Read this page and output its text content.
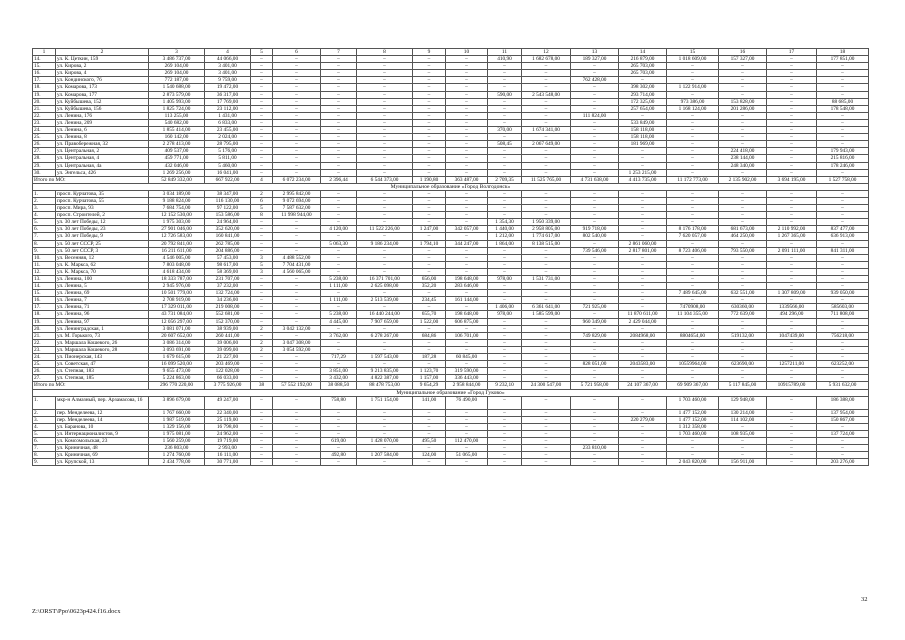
1	2	3	4	5	6	7	8	9	10	11	12	13	14	15	16	17	18
14.	ул. К. Цеткин, 159	3 486 737,00	44 066,00	–	–	–	–	–	–	410,90	1 682 678,00	189 327,00	216 879,00	1 018 609,00	157 327,00	–	177 851,00
15.	ул. Кирова, 2	269 104,00	3 401,00	–	–	–	–	–	–	–	–	–	265 703,00	–	–	–	–
16.	ул. Кирова, 4	269 104,00	3 401,00	–	–	–	–	–	–	–	–	–	265 703,00	–	–	–	–
17.	ул. Кондинского, 76	772 187,00	9 759,00	–	–	–	–	–	–	–	–	762 428,00	–	–	–	–	–
18.	ул. Комарова, 173	1 540 688,00	19 472,00	–	–	–	–	–	–	–	–	–	398 302,00	1 122 914,00	–	–	–
19.	ул. Комарова, 177	2 873 579,00	36 317,00	–	–	–	–	–	–	590,00	2 543 548,00	–	293 714,00	–	–	–	–
20.	ул. Куйбышева, 152	1 405 993,00	17 769,00	–	–	–	–	–	–	–	–	–	172 325,00	973 386,00	153 828,00	–	88 685,00
21.	ул. Куйбышева, 156	1 825 724,00	23 112,00	–	–	–	–	–	–	–	–	–	257 654,00	1 168 124,00	201 286,00	–	178 548,00
22.	ул. Ленина, 176	113 255,00	1 431,00	–	–	–	–	–	–	–	–	111 824,00	–	–	–	–	–
23.	ул. Ленина, 209	540 682,00	6 833,00	–	–	–	–	–	–	–	–	–	533 849,00	–	–	–	–
24.	ул. Ленина, 6	1 855 414,00	23 455,00	–	–	–	–	–	–	370,00	1 674 341,00	–	158 118,00	–	–	–	–
25.	ул. Ленина, 8	160 142,00	2 024,00	–	–	–	–	–	–	–	–	–	158 118,00	–	–	–	–
26.	ул. Правобережная, 32	2 278 413,00	28 795,00	–	–	–	–	–	–	508,45	2 067 649,00	–	181 969,00	–	–	–	–
27.	ул. Центральная, 2	409 537,00	5 176,00	–	–	–	–	–	–	–	–	–	–	–	224 418,00	–	179 943,00
28.	ул. Центральная, 4	459 771,00	5 811,00	–	–	–	–	–	–	–	–	–	–	–	238 144,00	–	215 816,00
29.	ул. Центральная, 4а	432 046,00	5 460,00	–	–	–	–	–	–	–	–	–	–	–	248 340,00	–	178 246,00
30.	ул. Энгельса, 426	1 269 256,00	16 041,00	–	–	–	–	–	–	–	–	–	1 253 215,00	–	–	–	–
Итого по МО:		52 849 332,00	667 922,00	4	6 072 234,00	2 396,44	6 544 373,00	1 190,80	363 487,00	2 709,35	11 525 765,00	4 731 638,00	4 413 735,00	11 172 773,00	2 135 902,00	3 694 195,00	1 527 758,00
Муниципальное образование «Город Волгодонск»																	
1.	просп. Курчатова, 35	3 034 189,00	38 347,00	2	2 995 842,00	–	–	–	–	–	–	–	–	–	–	–	–
2.	просп. Курчатова, 55	9 188 824,00	116 130,00	6	9 072 694,00	–	–	–	–	–	–	–	–	–	–	–	–
3.	просп. Мира, 93	7 684 754,00	97 122,00	5	7 587 632,00	–	–	–	–	–	–	–	–	–	–	–	–
4.	просп. Строителей, 2	12 152 530,00	153 586,00	8	11 998 944,00	–	–	–	–	–	–	–	–	–	–	–	–
5.	ул. 30 лет Победы, 12	1 975 303,00	24 964,00	–	–	–	–	–	–	1 354,30	1 950 339,00	–	–	–	–	–	–
6.	ул. 30 лет Победы, 23	27 901 046,00	352 620,00	–	–	4 120,00	11 522 226,00	1 247,00	342 057,00	1 440,00	2 958 805,00	919 718,00	–	8 176 178,00	681 673,00	2 110 992,00	837 477,00
7.	ул. 30 лет Победы, 9	12 726 583,00	160 841,00	–	–	–	–	–	–	1 212,00	1 774 617,00	802 540,00	–	7 620 057,00	464 250,00	1 267 365,00	636 913,00
8.	ул. 50 лет СССР, 25	20 792 841,00	262 785,00	–	–	5 063,30	9 186 234,00	1 794,10	344 247,00	1 864,00	8 138 515,00	–	2 861 060,00	–	–	–	–
9.	ул. 50 лет СССР, 3	16 211 611,00	204 886,00	–	–	–	–	–	–	–	–	739 546,00	2 817 801,00	8 723 406,00	793 550,00	2 091 111,00	841 311,00
10.	ул. Весенняя, 12	4 546 005,00	57 453,00	3	4 488 552,00	–	–	–	–	–	–	–	–	–	–	–	–
11.	ул. К. Маркса, 62	7 803 048,00	98 617,00	5	7 704 431,00	–	–	–	–	–	–	–	–	–	–	–	–
12.	ул. К. Маркса, 70	4 618 434,00	58 369,00	3	4 560 065,00	–	–	–	–	–	–	–	–	–	–	–	–
13.	ул. Ленина, 100	18 333 787,00	231 707,00	–	–	5 238,00	16 371 701,00	656,00	198 648,00	978,00	1 531 731,00	–	–	–	–	–	–
14.	ул. Ленина, 5	2 945 976,00	37 232,00	–	–	1 111,00	2 625 098,00	352,20	283 646,00	–	–	–	–	–	–	–	–
15.	ул. Ленина, 69	10 501 779,00	132 724,00	–	–	–	–	–	–	–	–	–	–	7 489 645,00	632 551,00	1 307 809,00	939 050,00
16.	ул. Ленина, 7	2 708 919,00	34 236,00	–	–	1 111,00	2 513 539,00	234,45	161 144,00	–	–	–	–	–	–	–	–
17.	ул. Ленина, 71	17 329 011,00	219 008,00	–	–	–	–	–	–	1 406,00	6 361 641,00	721 925,00	–	7470908,00	630360,00	1339566,00	585603,00
18.	ул. Ленина, 96	43 731 084,00	552 681,00	–	–	5 238,00	16 440 244,00	655,70	198 648,00	978,00	1 585 599,00	–	11 870 611,00	11 104 355,00	772 639,00	494 296,00	711 808,00
19.	ул. Ленина, 97	12 056 297,00	152 370,00	–	–	4 445,00	7 907 659,00	1 522,00	606 875,00	–	–	960 349,00	2 429 044,00	–	–	–	–
20.	ул. Ленинградская, 1	3 081 071,00	38 939,00	2	3 042 132,00	–	–	–	–	–	–	–	–	–	–	–	–
21.	ул. М. Горького, 73	20 607 652,00	260 441,00	–	–	3 762,00	6 278 267,00	684,86	106 701,00	–	–	749 829,00	2084968,00	8804654,00	519132,00	1047439,00	756218,00
22.	ул. Маршала Кошевого, 26	3 086 314,00	39 006,00	2	3 047 308,00	–	–	–	–	–	–	–	–	–	–	–	–
23.	ул. Маршала Кошевого, 28	3 093 691,00	39 099,00	2	3 054 592,00	–	–	–	–	–	–	–	–	–	–	–	–
24.	ул. Пионерская, 143	1 679 615,00	21 227,00	–	–	717,29	1 597 543,00	187,28	60 845,00	–	–	–	–	–	–	–	–
25.	ул. Советская, 47	16 099 520,00	203 469,00	–	–	–	–	–	–	–	–	828 051,00	2043583,00	10559964,00	623690,00	1257211,00	623252,00
26.	ул. Степная, 183	9 655 473,00	122 028,00	–	–	3 851,00	9 213 835,00	1 123,70	319 590,00	–	–	–	–	–	–	–	–
27.	ул. Степная, 185	5 224 863,00	66 033,00	–	–	3 432,00	4 822 387,00	1 157,00	336 443,00	–	–	–	–	–	–	–	–
Итого по МО:		296 770 220,00	3 775 926,00	38	57 552 192,00	38 088,50	88 478 753,00	9 654,29	2 958 844,00	9 232,10	24 300 547,00	5 721 958,00	24 107 367,00	69 909 367,00	5 117 845,00	10915789,00	5 931 632,00
Муниципальное образование «Город Гуково»																	
1.	мкр-н Алмазный, пер. Арзамасова, 16	3 896 679,00	49 247,00	–	–	758,80	1 751 154,00	141,00	76 490,00	–	–	–	–	1 703 460,00	129 948,00	–	186 388,00
2.	пер. Менделеева, 12	1 767 660,00	22 340,00	–	–	–	–	–	–	–	–	–	–	1 477 152,00	130 214,00	–	137 954,00
3.	пер. Менделеева, 14	1 987 519,00	25 119,00	–	–	–	–	–	–	–	–	–	220 279,00	1 477 152,00	114 102,00	–	150 867,00
4.	ул. Баранова, 10	1 329 156,00	16 798,00	–	–	–	–	–	–	–	–	–	–	1 312 358,00	–	–	–
5.	ул. Интернационалистов, 9	1 975 081,00	24 962,00	–	–	–	–	–	–	–	–	–	–	1 703 460,00	108 935,00	–	137 724,00
6.	ул. Комсомольская, 23	1 560 259,00	19 719,00	–	–	619,00	1 428 070,00	495,50	112 470,00	–	–	–	–	–	–	–	–
7.	ул. Криничная, 48	236 803,00	2 993,00	–	–	–	–	–	–	–	–	233 810,00	–	–	–	–	–
8.	ул. Криничная, 69	1 274 760,00	16 111,00	–	–	492,80	1 207 584,00	124,00	51 065,00	–	–	–	–	–	–	–	–
9.	ул. Крупской, 13	2 434 778,00	30 771,00	–	–	–	–	–	–	–	–	–	–	2 043 820,00	156 911,00	–	203 276,00
Z:\ORST\Ppo\0623p424.f16.docx
32
